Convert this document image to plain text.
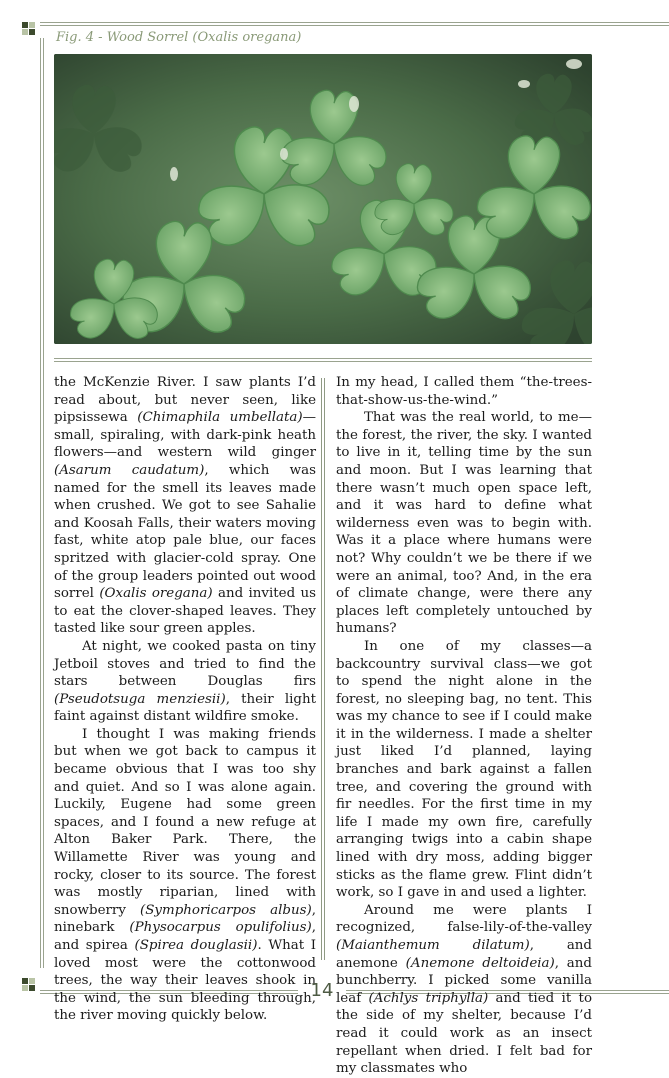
Fig. 4 - Wood Sorrel (Oxalis oregana)

the McKenzie River. I saw plants I’d read about, but never seen, like pipsissewa (Chimaphila umbellata)—small, spiraling, with dark-pink heath flowers—and western wild ginger (Asarum caudatum), which was named for the smell its leaves made when crushed. We got to see Sahalie and Koosah Falls, their waters moving fast, white atop pale blue, our faces spritzed with glacier-cold spray. One of the group leaders pointed out wood sorrel (Oxalis oregana) and invited us to eat the clover-shaped leaves. They tasted like sour green apples.

At night, we cooked pasta on tiny Jetboil stoves and tried to find the stars between Douglas firs (Pseudotsuga menziesii), their light faint against distant wildfire smoke.

I thought I was making friends but when we got back to campus it became obvious that I was too shy and quiet. And so I was alone again. Luckily, Eugene had some green spaces, and I found a new refuge at Alton Baker Park. There, the Willamette River was young and rocky, closer to its source. The forest was mostly riparian, lined with snowberry (Symphoricarpos albus), ninebark (Physocarpus opulifolius), and spirea (Spirea douglasii). What I loved most were the cottonwood trees, the way their leaves shook in the wind, the sun bleeding through, the river moving quickly below.

In my head, I called them “the-trees-that-show-us-the-wind.”

That was the real world, to me—the forest, the river, the sky. I wanted to live in it, telling time by the sun and moon. But I was learning that there wasn’t much open space left, and it was hard to define what wilderness even was to begin with. Was it a place where humans were not? Why couldn’t we be there if we were an animal, too? And, in the era of climate change, were there any places left completely untouched by humans?

In one of my classes—a backcountry survival class—we got to spend the night alone in the forest, no sleeping bag, no tent. This was my chance to see if I could make it in the wilderness. I made a shelter just liked I’d planned, laying branches and bark against a fallen tree, and covering the ground with fir needles. For the first time in my life I made my own fire, carefully arranging twigs into a cabin shape lined with dry moss, adding bigger sticks as the flame grew. Flint didn’t work, so I gave in and used a lighter.

Around me were plants I recognized, false-lily-of-the-valley (Maianthemum dilatum), and anemone (Anemone deltoideia), and bunchberry. I picked some vanilla leaf (Achlys triphylla) and tied it to the side of my shelter, because I’d read it could work as an insect repellant when dried. I felt bad for my classmates who

14
